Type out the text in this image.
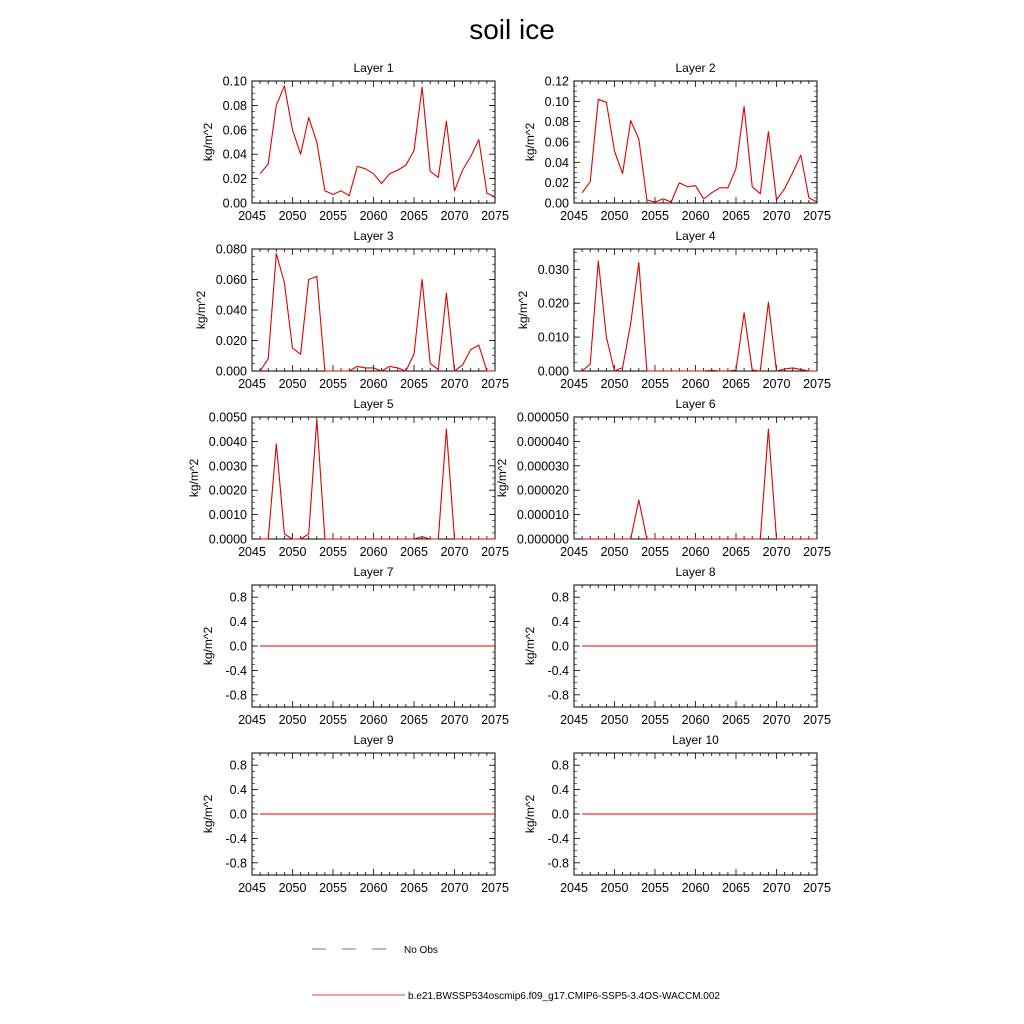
soil ice
2045 2050 2055 2060 2065 2070 2075
0.00
0.02
0.04
0.06
0.08
0.10
Layer 1
kg/m^2
2045 2050 2055 2060 2065 2070 2075
0.00
0.02
0.04
0.06
0.08
0.10
0.12
Layer 2
kg/m^2
2045 2050 2055 2060 2065 2070 2075
0.000
0.020
0.040
0.060
0.080
Layer 3
kg/m^2
2045 2050 2055 2060 2065 2070 2075
0.000
0.010
0.020
0.030
Layer 4
kg/m^2
2045 2050 2055 2060 2065 2070 2075
0.0000
0.0010
0.0020
0.0030
0.0040
0.0050
Layer 5
kg/m^2
2045 2050 2055 2060 2065 2070 2075
0.000000
0.000010
0.000020
0.000030
0.000040
0.000050
Layer 6
kg/m^2
2045 2050 2055 2060 2065 2070 2075
-0.8
-0.4
0.0
0.4
0.8
Layer 7
kg/m^2
2045 2050 2055 2060 2065 2070 2075
-0.8
-0.4
0.0
0.4
0.8
Layer 8
kg/m^2
2045 2050 2055 2060 2065 2070 2075
-0.8
-0.4
0.0
0.4
0.8
Layer 9
kg/m^2
2045 2050 2055 2060 2065 2070 2075
-0.8
-0.4
0.0
0.4
0.8
Layer 10
kg/m^2
No Obs
b.e21.BWSSP534oscmip6.f09_g17.CMIP6-SSP5-3.4OS-WACCM.002
